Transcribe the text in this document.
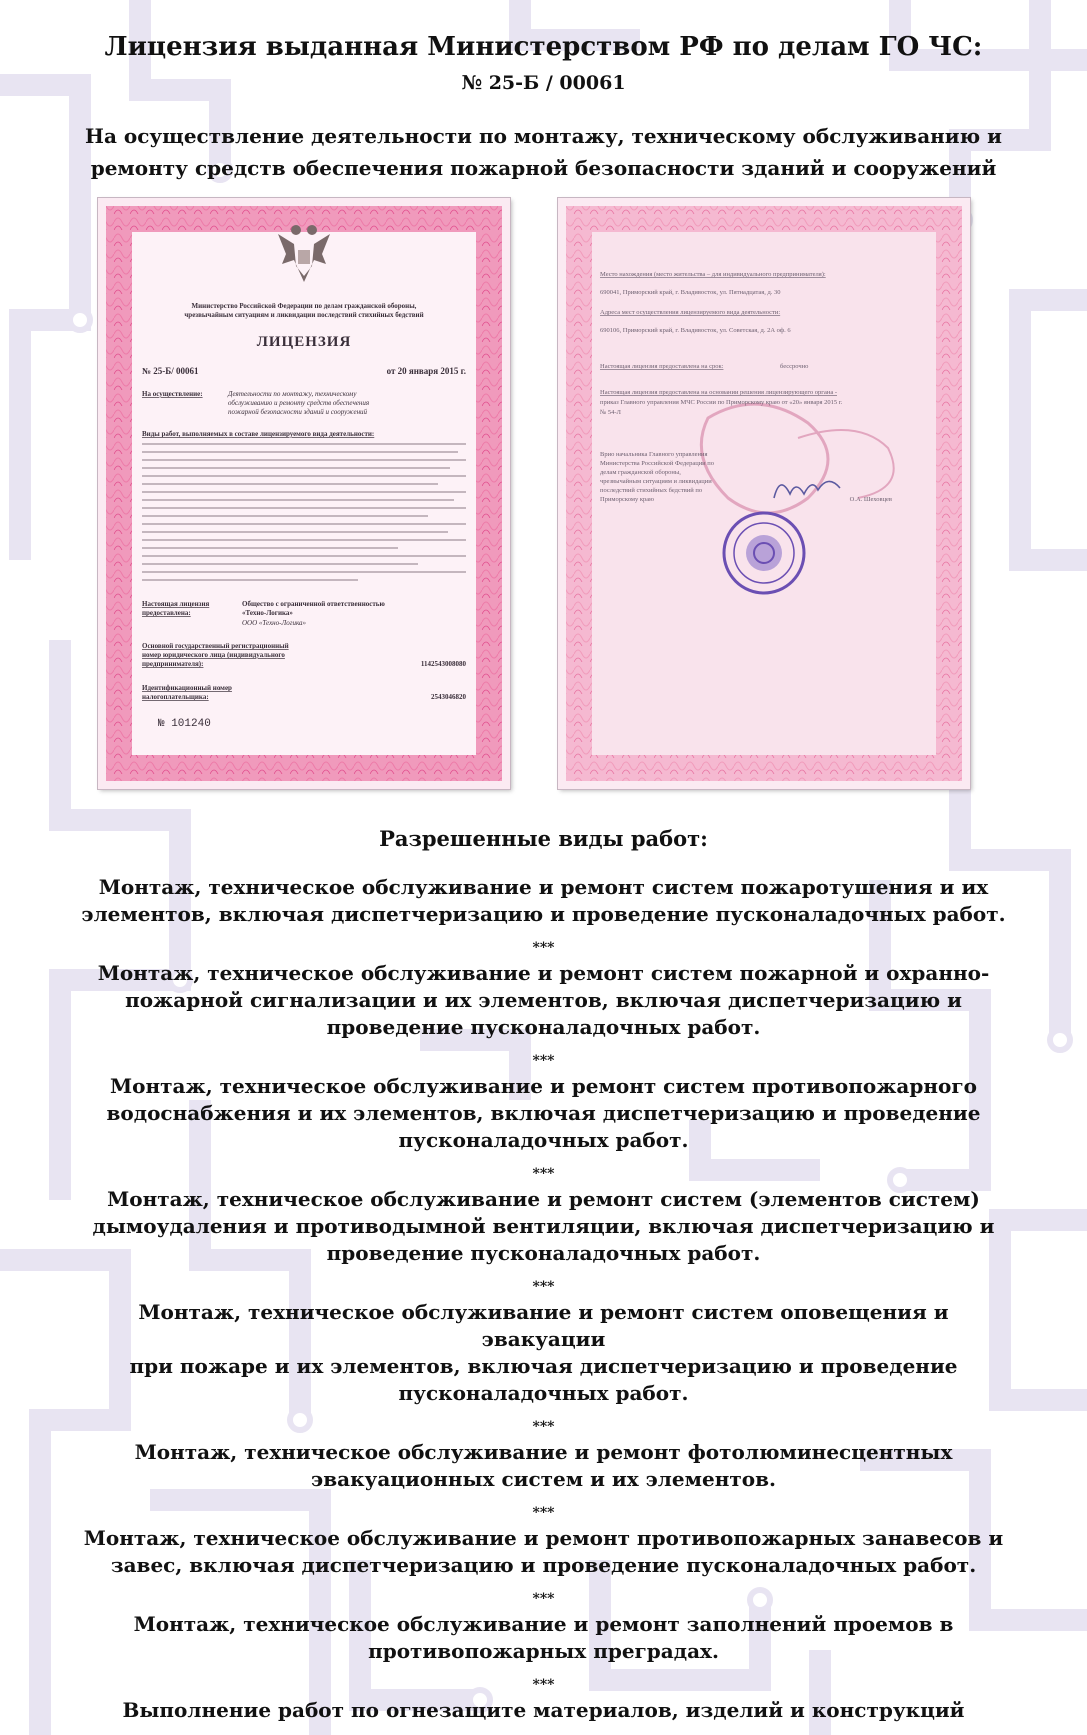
Лицензия выданная Министерством РФ по делам ГО ЧС:
№ 25-Б / 00061
На осуществление деятельности по монтажу, техническому обслуживанию и
ремонту средств обеспечения пожарной безопасности зданий и сооружений
Министерство Российской Федерации по делам гражданской обороны,
чрезвычайным ситуациям и ликвидации последствий стихийных бедствий
ЛИЦЕНЗИЯ
№ 25-Б/ 00061	от 20 января 2015 г.
На осуществление:	Деятельности по монтажу, техническому
обслуживанию и ремонту средств обеспечения
пожарной безопасности зданий и сооружений
Виды работ, выполняемых в составе лицензируемого вида деятельности:
Настоящая лицензия
предоставлена:
Общество с ограниченной ответственностью
«Техно-Логика»
ООО «Техно-Логика»
Основной государственный регистрационный
номер юридического лица (индивидуального
предпринимателя):	1142543008080
Идентификационный номер
налогоплательщика:	2543046820
№ 101240
Место нахождения (место жительства – для индивидуального предпринимателя):
690041, Приморский край, г. Владивосток, ул. Пятнадцатая, д. 30
Адреса мест осуществления лицензируемого вида деятельности:
690106, Приморский край, г. Владивосток, ул. Советская, д. 2А оф. 6
Настоящая лицензия предоставлена на срок:	бессрочно
Настоящая лицензия предоставлена на основании решения лицензирующего органа -
приказ Главного управления МЧС России по Приморскому краю от «20» января 2015 г.
№ 54-Л
Врио начальника Главного управления
Министерства Российской Федерации по
делам гражданской обороны,
чрезвычайным ситуациям и ликвидации
последствий стихийных бедствий по
Приморскому краю	О.А. Шеховцев
Разрешенные виды работ:
Монтаж, техническое обслуживание и ремонт систем пожаротушения и их
элементов, включая диспетчеризацию и проведение пусконаладочных работ.
***
Монтаж, техническое обслуживание и ремонт систем пожарной и охранно-
пожарной сигнализации и их элементов, включая диспетчеризацию и
проведение пусконаладочных работ.
***
Монтаж, техническое обслуживание и ремонт систем противопожарного
водоснабжения и их элементов, включая диспетчеризацию и проведение
пусконаладочных работ.
***
Монтаж, техническое обслуживание и ремонт систем (элементов систем)
дымоудаления и противодымной вентиляции, включая диспетчеризацию и
проведение пусконаладочных работ.
***
Монтаж, техническое обслуживание и ремонт систем оповещения и эвакуации
при пожаре и их элементов, включая диспетчеризацию и проведение
пусконаладочных работ.
***
Монтаж, техническое обслуживание и ремонт фотолюминесцентных
эвакуационных систем и их элементов.
***
Монтаж, техническое обслуживание и ремонт противопожарных занавесов и
завес, включая диспетчеризацию и проведение пусконаладочных работ.
***
Монтаж, техническое обслуживание и ремонт заполнений проемов в
противопожарных преградах.
***
Выполнение работ по огнезащите материалов, изделий и конструкций
